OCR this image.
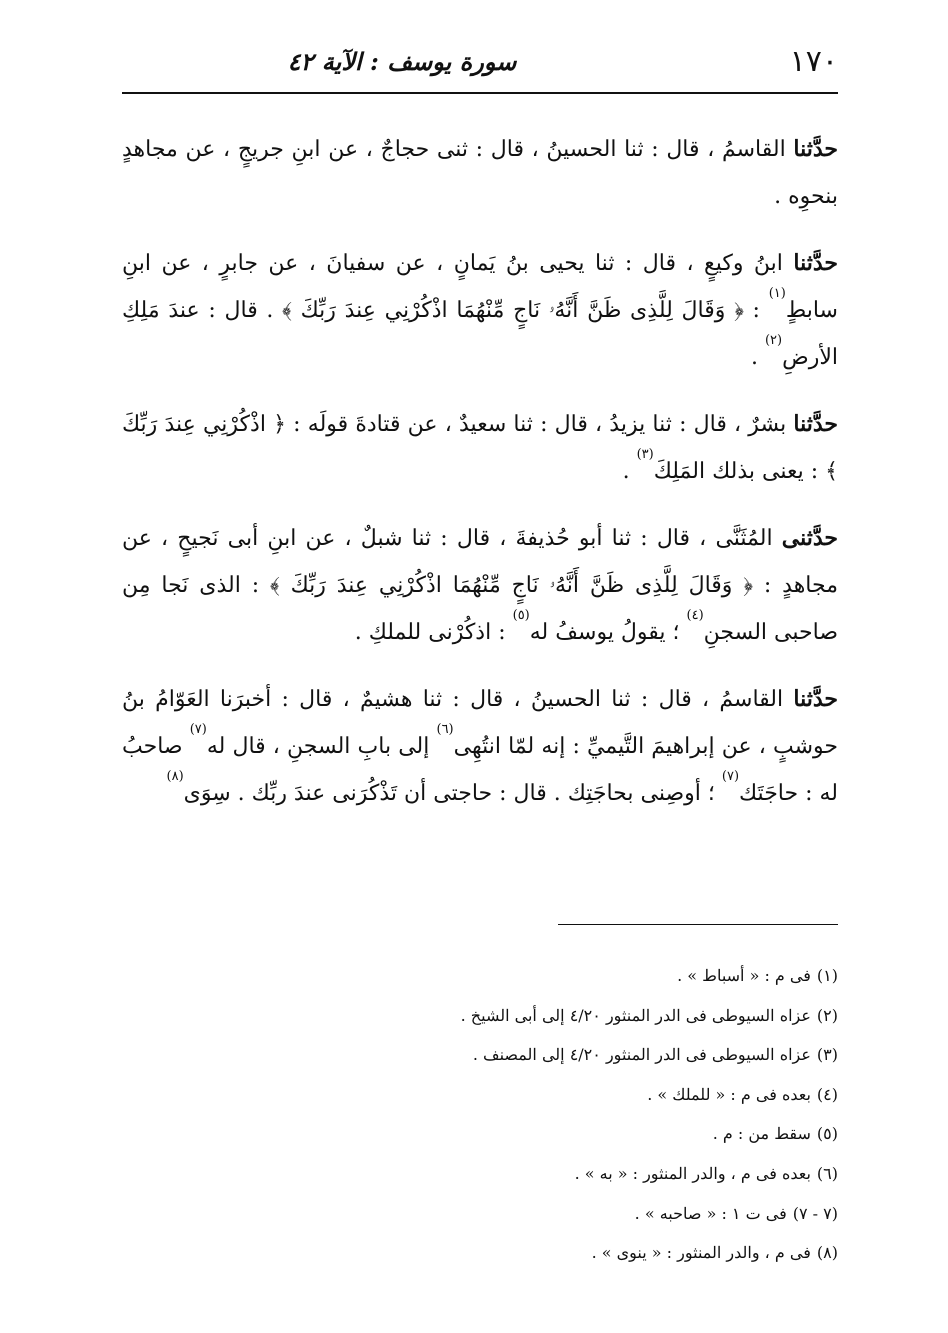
١٧٠
سورة يوسف : الآية ٤٢

حدَّثنا القاسمُ ، قال : ثنا الحسينُ ، قال : ثنى حجاجٌ ، عن ابنِ جريجٍ ، عن مجاهدٍ بنحوِه .

حدَّثنا ابنُ وكيعٍ ، قال : ثنا يحيى بنُ يَمانٍ ، عن سفيانَ ، عن جابرٍ ، عن ابنِ سابطٍ$^{(١)}$ : ﴿ وَقَالَ لِلَّذِى ظَنَّ أَنَّهُۥ نَاجٍ مِّنْهُمَا اذْكُرْنِي عِندَ رَبِّكَ ﴾ . قال : عندَ مَلِكِ الأرضِ$^{(٢)}$ .

حدَّثنا بشرٌ ، قال : ثنا يزيدُ ، قال : ثنا سعيدٌ ، عن قتادةَ قولَه : ﴿ اذْكُرْنِي عِندَ رَبِّكَ ﴾ : يعنى بذلك المَلِكَ$^{(٣)}$ .

حدَّثنى المُثَنَّى ، قال : ثنا أبو حُذيفةَ ، قال : ثنا شبلٌ ، عن ابنِ أبى نَجيحٍ ، عن مجاهدٍ : ﴿ وَقَالَ لِلَّذِى ظَنَّ أَنَّهُۥ نَاجٍ مِّنْهُمَا اذْكُرْنِي عِندَ رَبِّكَ ﴾ : الذى نَجا مِن صاحبى السجنِ$^{(٤)}$ ؛ يقولُ يوسفُ له$^{(٥)}$ : اذكُرْنى للملكِ .

حدَّثنا القاسمُ ، قال : ثنا الحسينُ ، قال : ثنا هشيمٌ ، قال : أخبرَنا العَوّامُ بنُ حوشبٍ ، عن إبراهيمَ التَّيميِّ : إنه لمّا انتُهِى$^{(٦)}$ إلى بابِ السجنِ ، قال له$^{(٧)}$ صاحبُ له : حاجَتَك$^{(٧)}$ ؛ أوصِنى بحاجَتِك . قال : حاجتى أن تَذْكُرَنى عندَ ربِّك . سِوَى$^{(٨)}$

(١)فى م : « أسباط » .

(٢)عزاه السيوطى فى الدر المنثور ٤/٢٠ إلى أبى الشيخ .

(٣)عزاه السيوطى فى الدر المنثور ٤/٢٠ إلى المصنف .

(٤)بعده فى م : « للملك » .

(٥)سقط من : م .

(٦)بعده فى م ، والدر المنثور : « به » .

(٧ - ٧)فى ت ١ : « صاحبه » .

(٨)فى م ، والدر المنثور : « ينوى » .
